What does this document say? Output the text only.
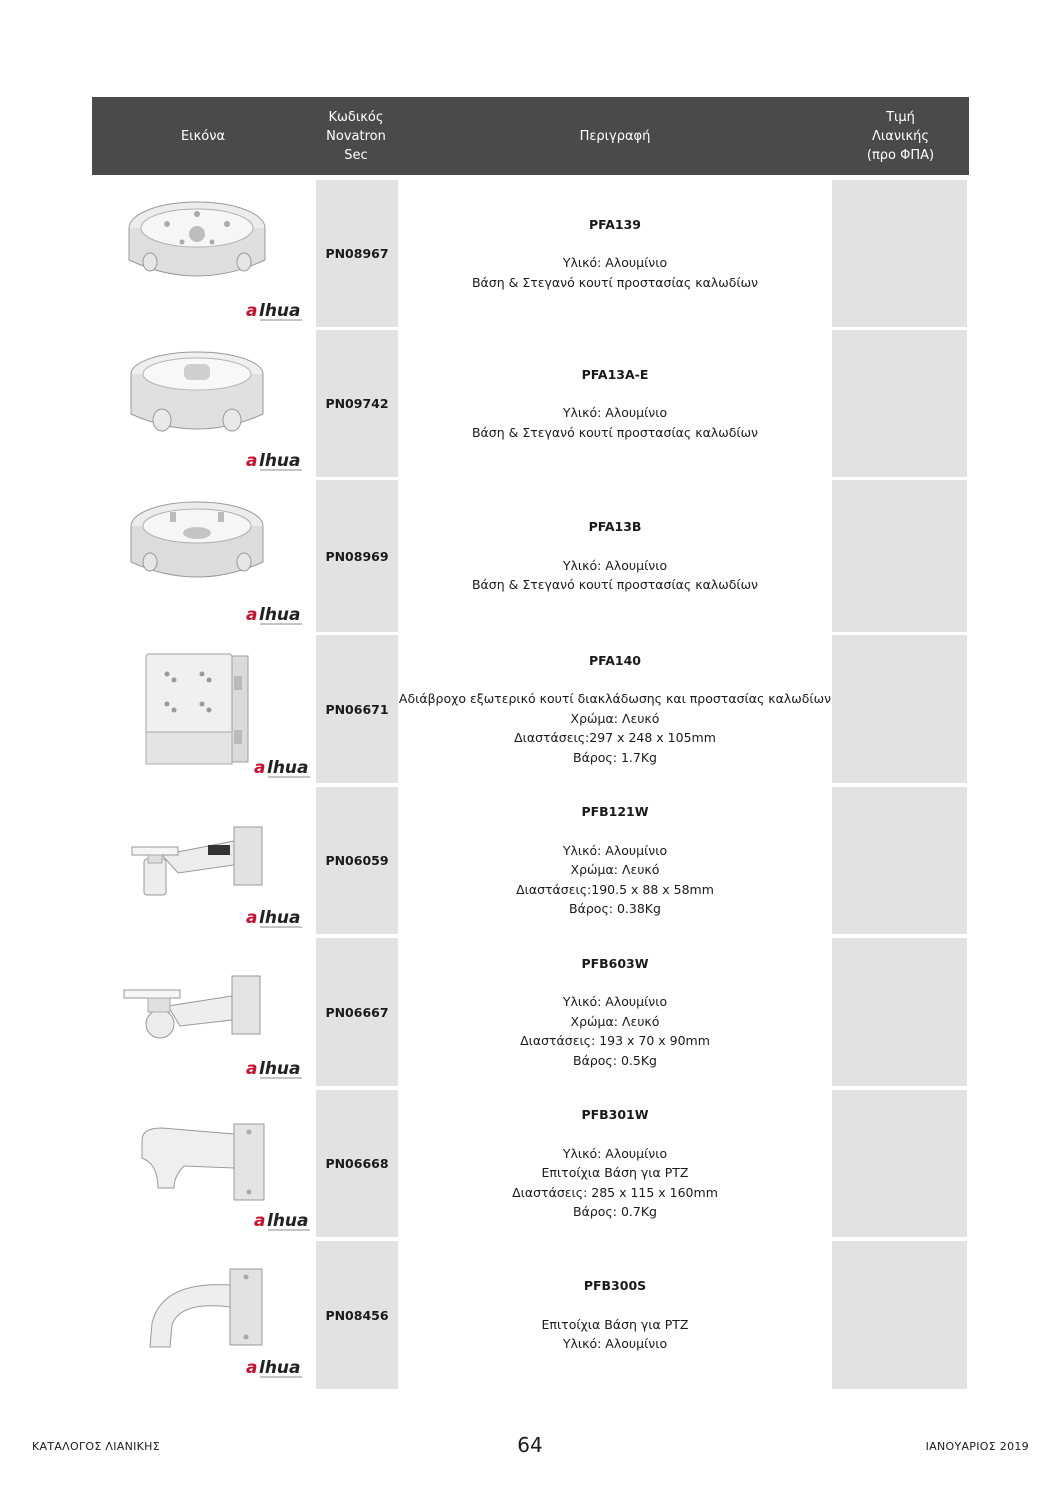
Εικόνα
Κωδικός
Novatron
Sec
Περιγραφή
Τιμή
Λιανικής
(προ ΦΠΑ)
a lhua
PN08967
PFA139
Υλικό: Αλουμίνιο
Βάση & Στεγανό κουτί προστασίας καλωδίων
a lhua
PN09742
PFA13A-E
Υλικό: Αλουμίνιο
Βάση & Στεγανό κουτί προστασίας καλωδίων
a lhua
PN08969
PFA13B
Υλικό: Αλουμίνιο
Βάση & Στεγανό κουτί προστασίας καλωδίων
a lhua
PN06671
PFA140
Αδιάβροχο εξωτερικό κουτί διακλάδωσης και προστασίας καλωδίων
Χρώμα: Λευκό
Διαστάσεις:297 x 248 x 105mm
Βάρος: 1.7Kg
a lhua
PN06059
PFB121W
Υλικό: Αλουμίνιο
Χρώμα: Λευκό
Διαστάσεις:190.5 x 88 x 58mm
Βάρος: 0.38Kg
a lhua
PN06667
PFB603W
Υλικό: Αλουμίνιο
Χρώμα: Λευκό
Διαστάσεις: 193 x 70 x 90mm
Βάρος: 0.5Kg
a lhua
PN06668
PFB301W
Υλικό: Αλουμίνιο
Επιτοίχια Βάση για PTZ
Διαστάσεις: 285 x 115 x 160mm
Βάρος: 0.7Kg
a lhua
PN08456
PFB300S
Επιτοίχια Βάση για PTZ
Υλικό: Αλουμίνιο
ΚΑΤΑΛΟΓΟΣ ΛΙΑΝΙΚΗΣ	64	ΙΑΝΟΥΑΡΙΟΣ 2019
